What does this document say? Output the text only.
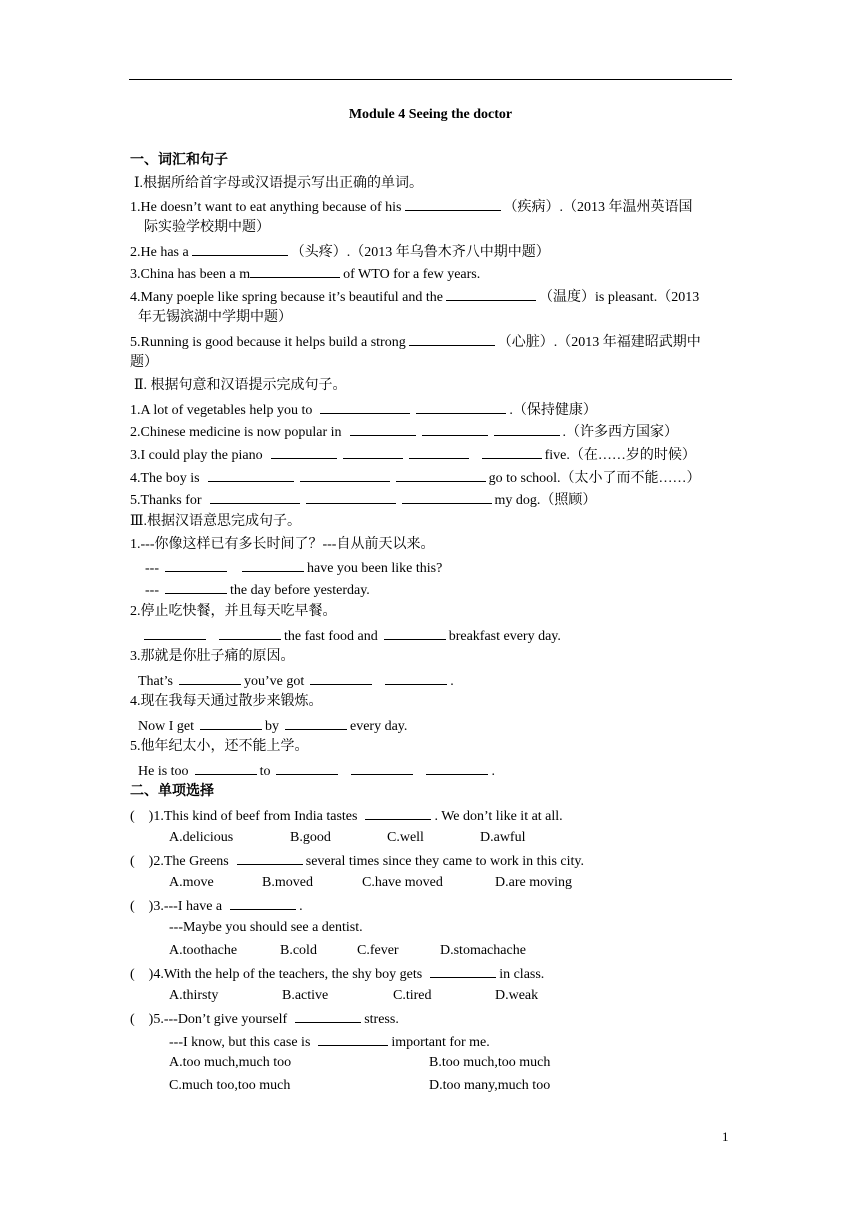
Module 4 Seeing the doctor
一、词汇和句子
Ⅰ.根据所给首字母或汉语提示写出正确的单词。
1.He doesn’t want to eat anything because of his	（疾病）.（2013 年温州英语国
际实验学校期中题）
2.He has a	（头疼）.（2013 年乌鲁木齐八中期中题）
3.China has been a m	of WTO for a few years.
4.Many poeple like spring because it’s beautiful and the	（温度）is pleasant.（2013
年无锡滨湖中学期中题）
5.Running is good because it helps build a strong	（心脏）.（2013 年福建昭武期中
题）
Ⅱ. 根据句意和汉语提示完成句子。
1.A lot of vegetables help you to	.（保持健康）
2.Chinese medicine is now popular in	.（许多西方国家）
3.I could play the piano	five.（在……岁的时候）
4.The boy is	go to school.（太小了而不能……）
5.Thanks for	my dog.（照顾）
Ⅲ.根据汉语意思完成句子。
1.---你像这样已有多长时间了？---自从前天以来。
---	have you been like this?
---	the day before yesterday.
2.停止吃快餐，并且每天吃早餐。
the fast food and	breakfast every day.
3.那就是你肚子痛的原因。
That’s	you’ve got	.
4.现在我每天通过散步来锻炼。
Now I get	by	every day.
5.他年纪太小，还不能上学。
He is too	to	.
二、单项选择
( )1.This kind of beef from India tastes	. We don’t like it at all.
A.delicious	B.good	C.well	D.awful
( )2.The Greens	several times since they came to work in this city.
A.move	B.moved	C.have moved	D.are moving
( )3.---I have a	.
---Maybe you should see a dentist.
A.toothache	B.cold	C.fever	D.stomachache
( )4.With the help of the teachers, the shy boy gets	in class.
A.thirsty	B.active	C.tired	D.weak
( )5.---Don’t give yourself	stress.
---I know, but this case is	important for me.
A.too much,much too	B.too much,too much
C.much too,too much	D.too many,much too
1
